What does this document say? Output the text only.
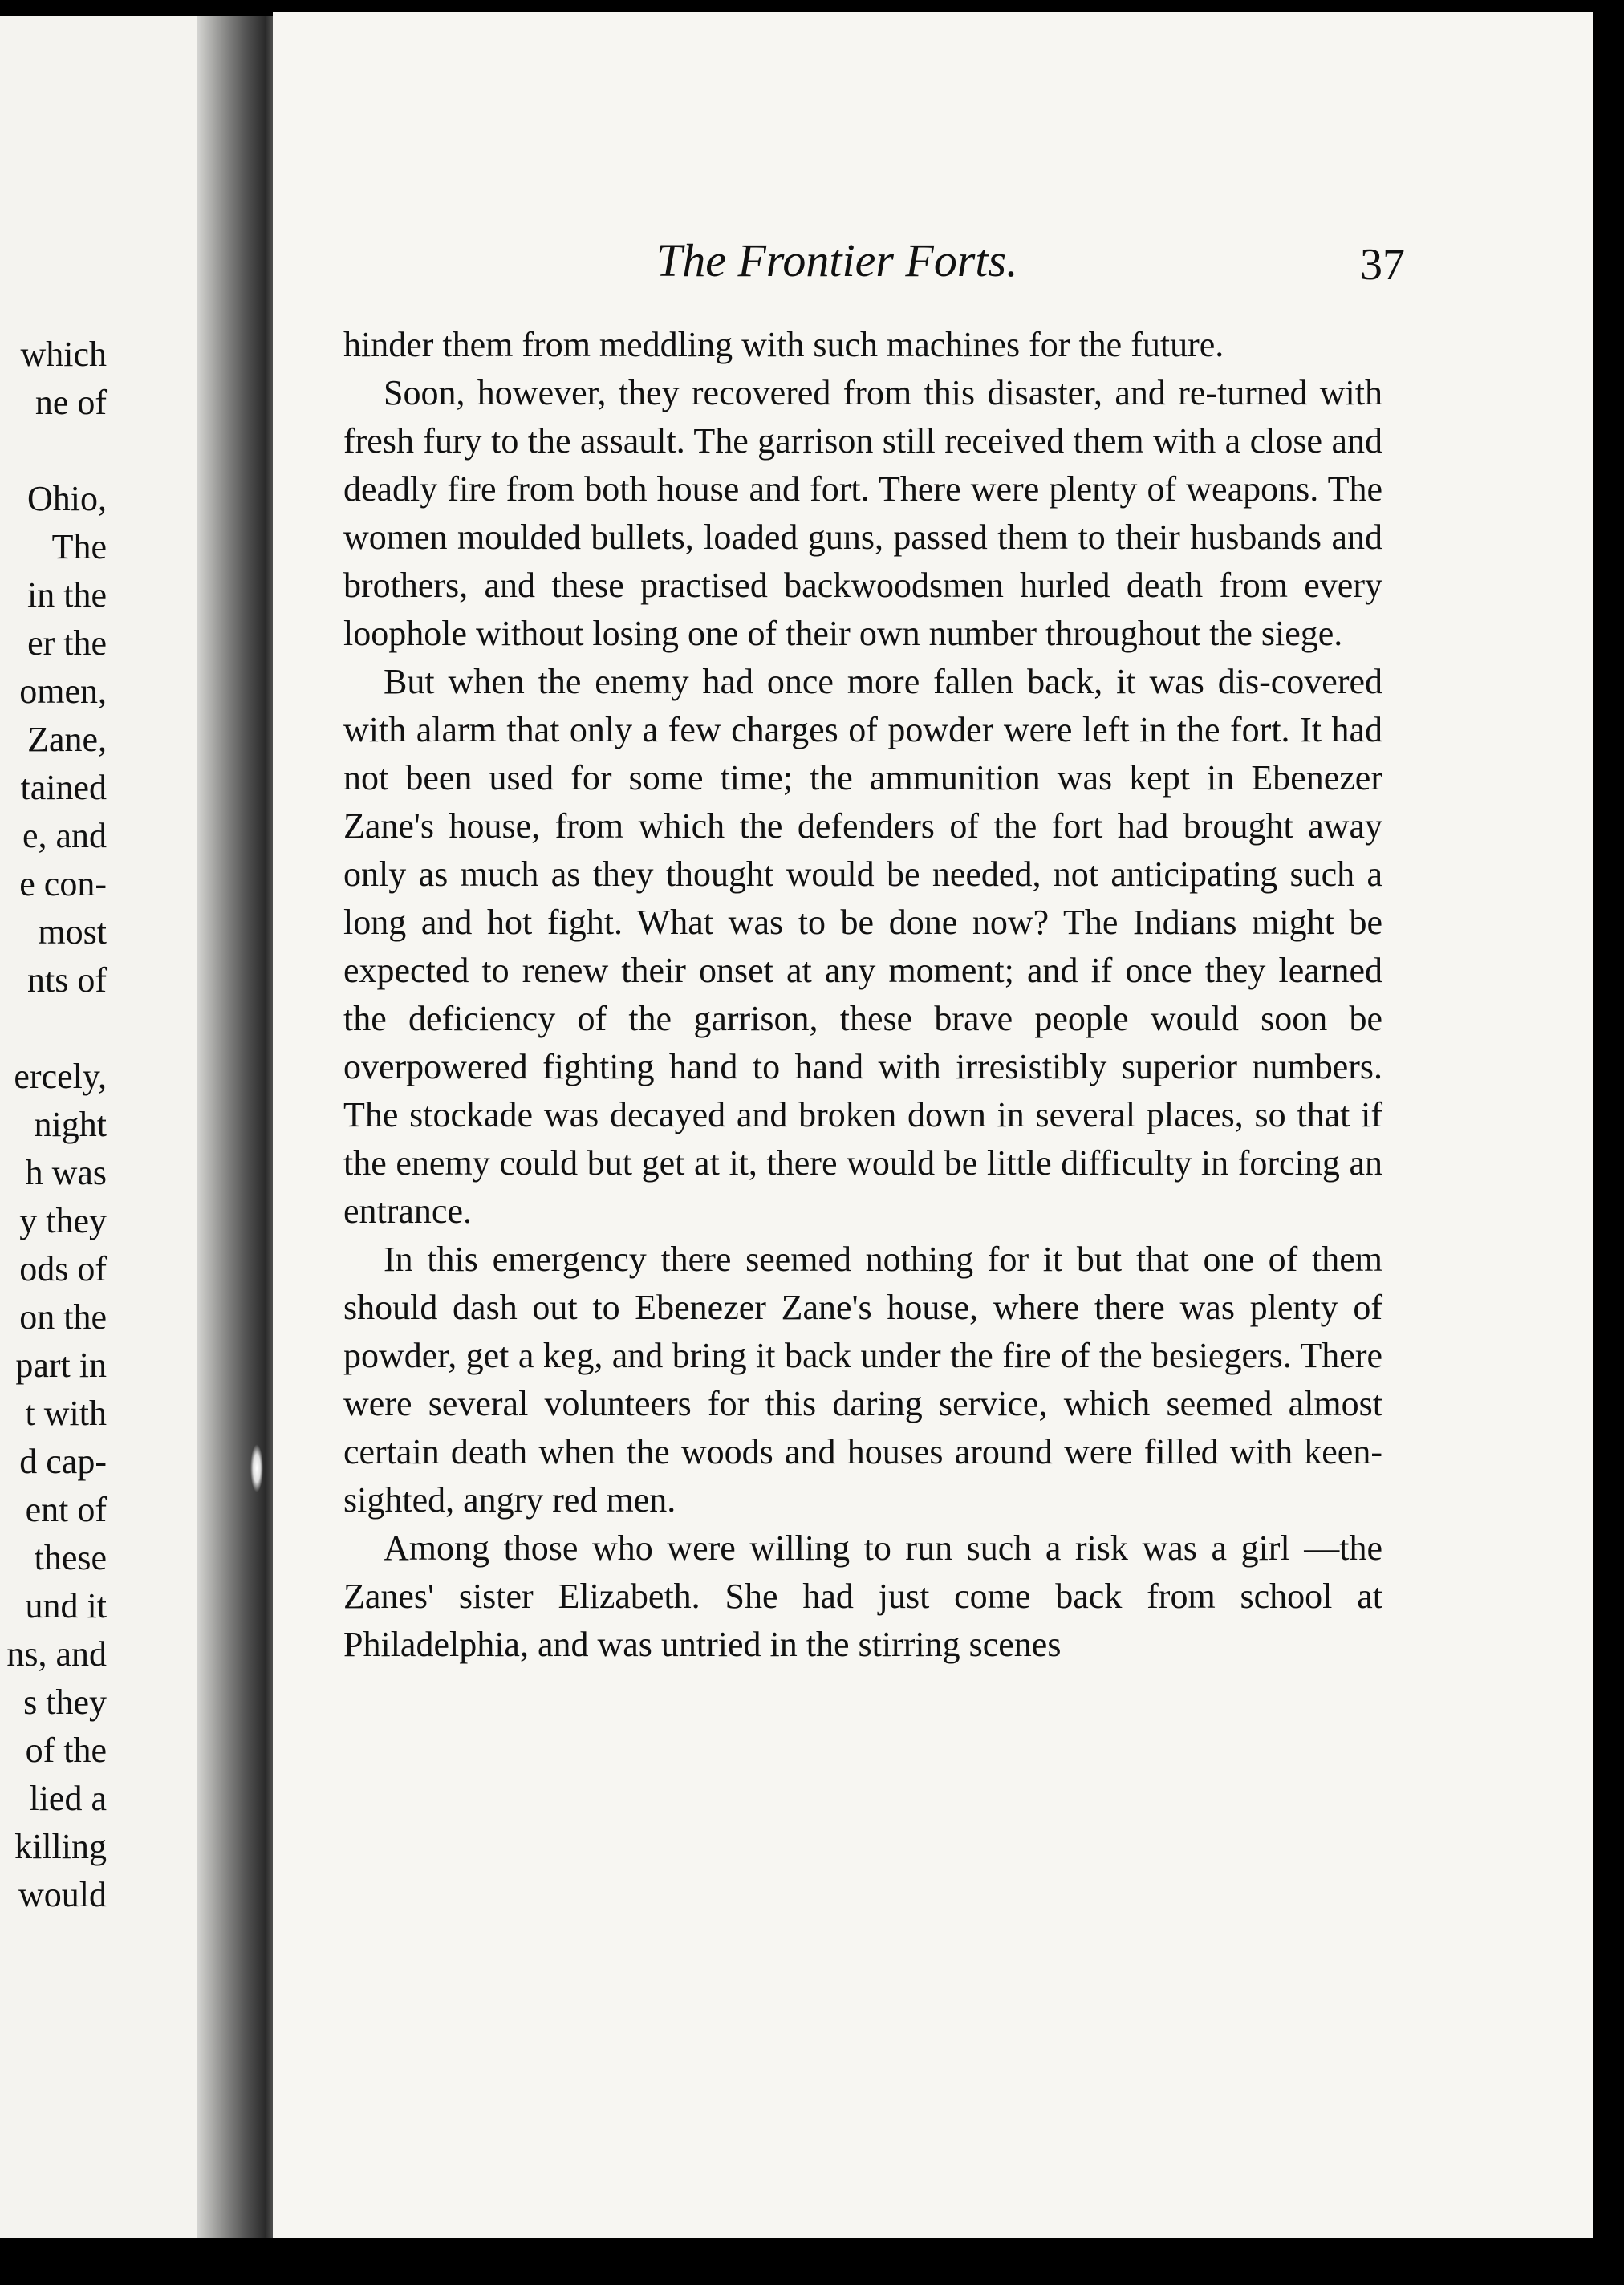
which
ne of
Ohio,
The
in the
er the
omen,
Zane,
tained
e, and
e con-
most
nts of
ercely,
night
h was
y they
ods of
on the
part in
t with
d cap-
ent of
these
und it
ns, and
s they
of the
lied a
killing
would
The Frontier Forts.	37

hinder them from meddling with such machines for the future.

Soon, however, they recovered from this disaster, and re-turned with fresh fury to the assault. The garrison still received them with a close and deadly fire from both house and fort. There were plenty of weapons. The women moulded bullets, loaded guns, passed them to their husbands and brothers, and these practised backwoodsmen hurled death from every loophole without losing one of their own number throughout the siege.

But when the enemy had once more fallen back, it was dis-covered with alarm that only a few charges of powder were left in the fort. It had not been used for some time; the ammunition was kept in Ebenezer Zane's house, from which the defenders of the fort had brought away only as much as they thought would be needed, not anticipating such a long and hot fight. What was to be done now? The Indians might be expected to renew their onset at any moment; and if once they learned the deficiency of the garrison, these brave people would soon be overpowered fighting hand to hand with irresistibly superior numbers. The stockade was decayed and broken down in several places, so that if the enemy could but get at it, there would be little difficulty in forcing an entrance.

In this emergency there seemed nothing for it but that one of them should dash out to Ebenezer Zane's house, where there was plenty of powder, get a keg, and bring it back under the fire of the besiegers. There were several volunteers for this daring service, which seemed almost certain death when the woods and houses around were filled with keen-sighted, angry red men.

Among those who were willing to run such a risk was a girl —the Zanes' sister Elizabeth. She had just come back from school at Philadelphia, and was untried in the stirring scenes
